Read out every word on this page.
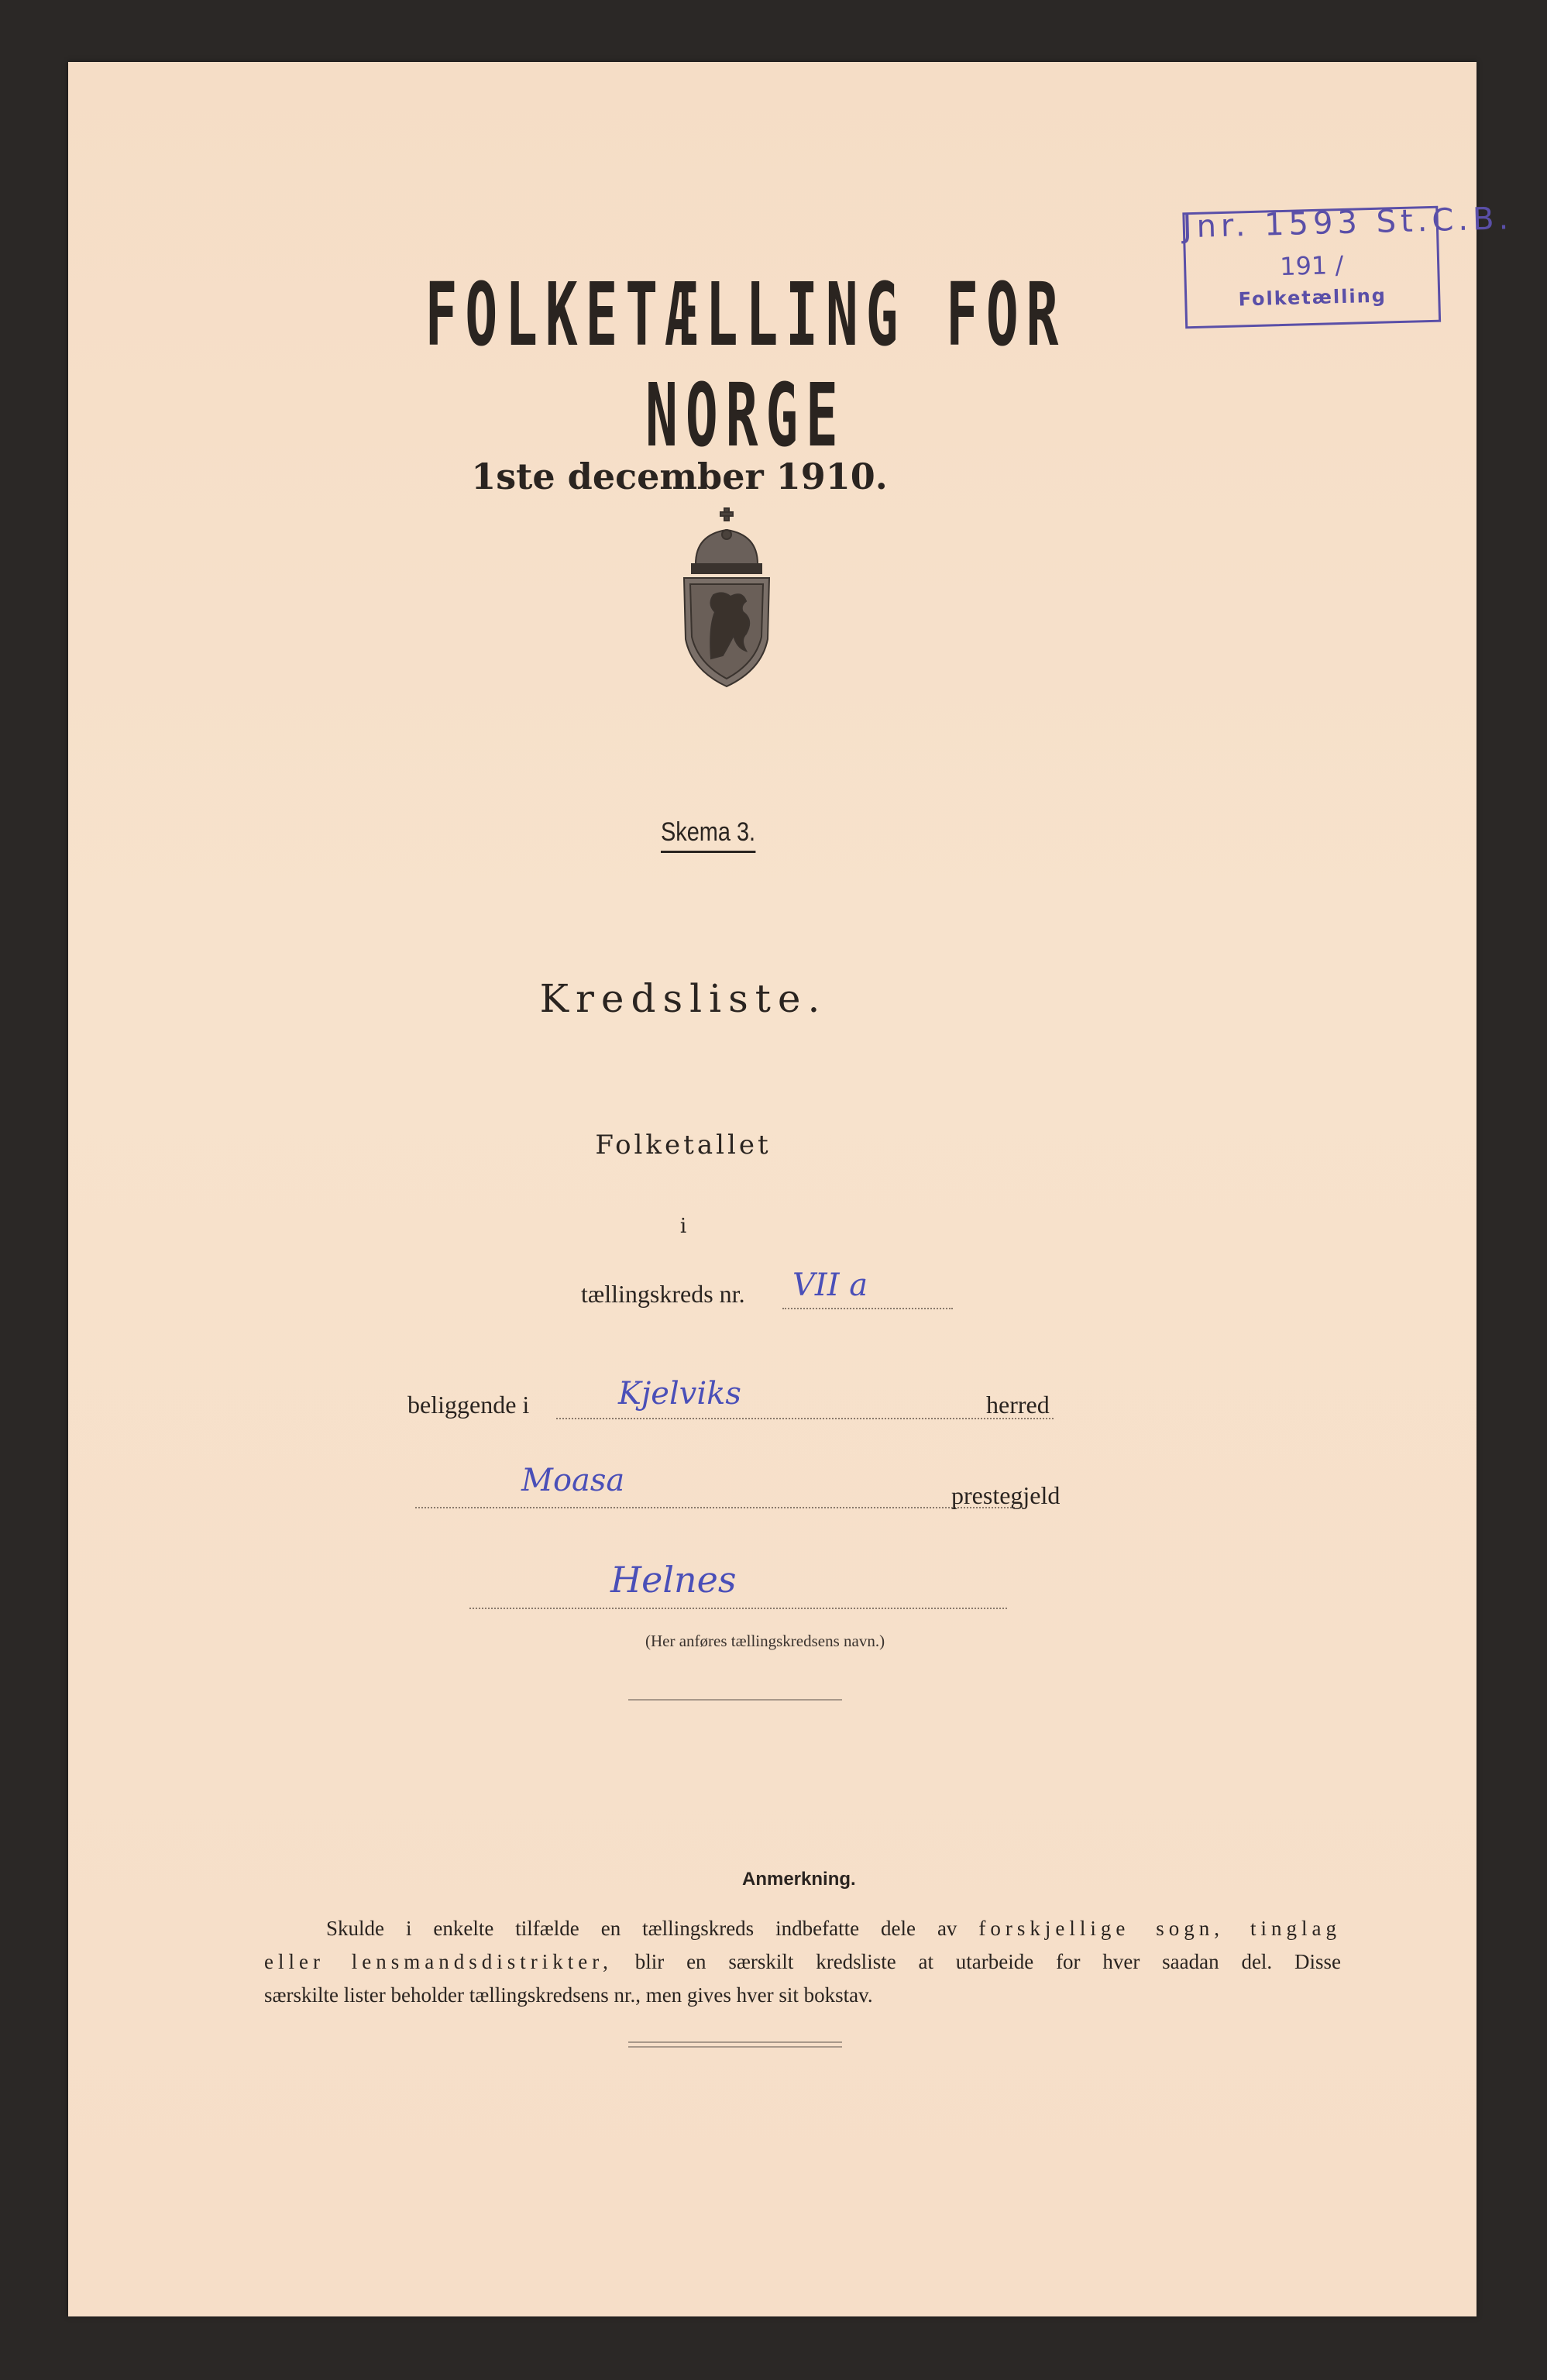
Jnr. 1593 St.C.B.
191 /
Folketælling
FOLKETÆLLING FOR NORGE
1ste december 1910.
Skema 3.
Kredsliste.
Folketallet
i
tællingskreds nr. VII a
beliggende i	Kjelviks	herred
Moasa	prestegjeld
Helnes
(Her anføres tællingskredsens navn.)
Anmerkning.

Skulde i enkelte tilfælde en tællingskreds indbefatte dele av forskjellige sogn, tinglag

eller lensmandsdistrikter, blir en særskilt kredsliste at utarbeide for hver saadan del. Disse

særskilte lister beholder tællingskredsens nr., men gives hver sit bokstav.
